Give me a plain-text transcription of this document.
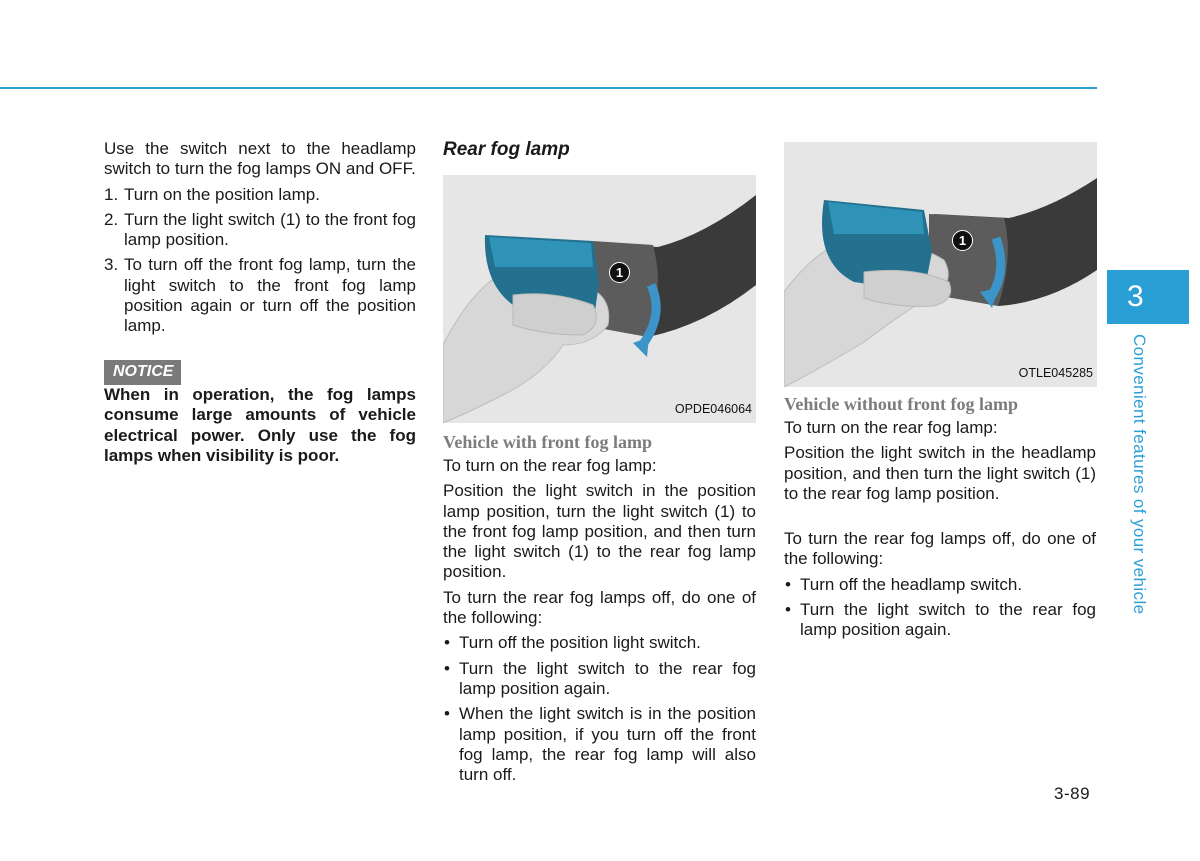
Use the switch next to the headlamp switch to turn the fog lamps ON and OFF.

1. Turn on the position lamp.
2. Turn the light switch (1) to the front fog lamp position.
3. To turn off the front fog lamp, turn the light switch to the front fog lamp position again or turn off the position lamp.
NOTICE

When in operation, the fog lamps consume large amounts of vehicle electrical power. Only use the fog lamps when visibility is poor.

Rear fog lamp
1
OPDE046064
Vehicle with front fog lamp

To turn on the rear fog lamp:

Position the light switch in the position lamp position, turn the light switch (1) to the front fog lamp position, and then turn the light switch (1) to the rear fog lamp position.

To turn the rear fog lamps off, do one of the following:

• Turn off the position light switch.
• Turn the light switch to the rear fog lamp position again.
• When the light switch is in the position lamp position, if you turn off the front fog lamp, the rear fog lamp will also turn off.
1
OTLE045285
Vehicle without front fog lamp

To turn on the rear fog lamp:

Position the light switch in the headlamp position, and then turn the light switch (1) to the rear fog lamp position.

To turn the rear fog lamps off, do one of the following:

• Turn off the headlamp switch.
• Turn the light switch to the rear fog lamp position again.
3
Convenient features of your vehicle
3-89
